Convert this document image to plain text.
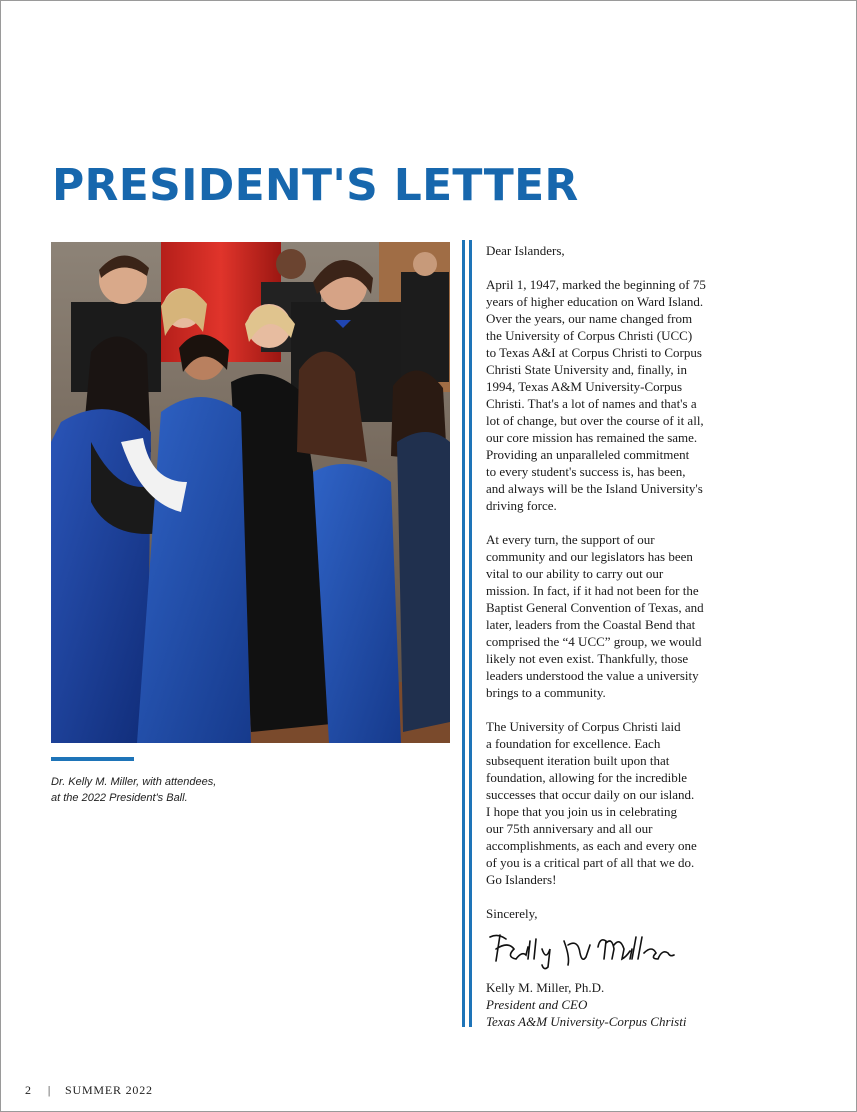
PRESIDENT'S LETTER
Dr. Kelly M. Miller, with attendees,
at the 2022 President's Ball.

Dear Islanders,

April 1, 1947, marked the beginning of 75
years of higher education on Ward Island.
Over the years, our name changed from
the University of Corpus Christi (UCC)
to Texas A&I at Corpus Christi to Corpus
Christi State University and, finally, in
1994, Texas A&M University-Corpus
Christi. That's a lot of names and that's a
lot of change, but over the course of it all,
our core mission has remained the same.
Providing an unparalleled commitment
to every student's success is, has been,
and always will be the Island University's
driving force.

At every turn, the support of our
community and our legislators has been
vital to our ability to carry out our
mission. In fact, if it had not been for the
Baptist General Convention of Texas, and
later, leaders from the Coastal Bend that
comprised the “4 UCC” group, we would
likely not even exist. Thankfully, those
leaders understood the value a university
brings to a community.

The University of Corpus Christi laid
a foundation for excellence. Each
subsequent iteration built upon that
foundation, allowing for the incredible
successes that occur daily on our island.
I hope that you join us in celebrating
our 75th anniversary and all our
accomplishments, as each and every one
of you is a critical part of all that we do.
Go Islanders!

Sincerely,

Kelly M. Miller, Ph.D.
President and CEO
Texas A&M University-Corpus Christi
2 | SUMMER 2022
